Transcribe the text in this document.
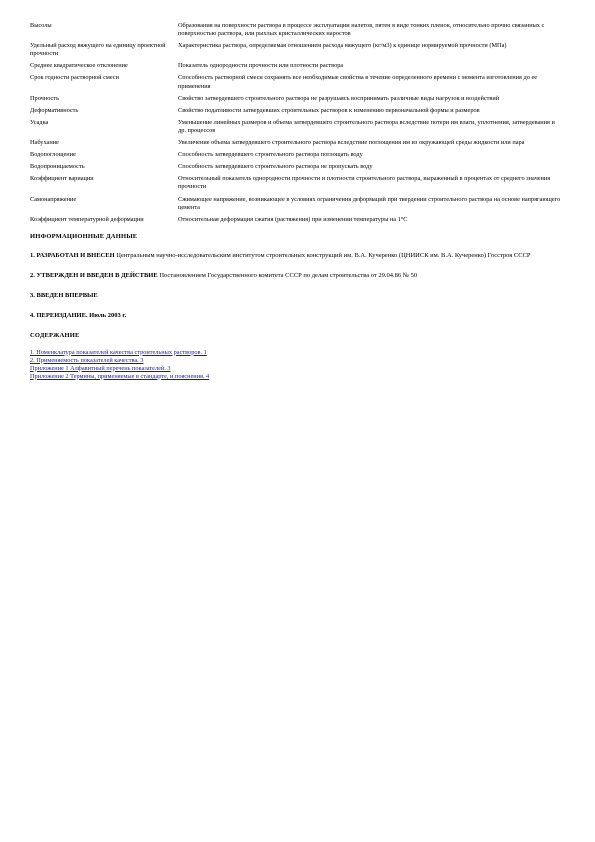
Высолы	Образования на поверхности раствора в процессе эксплуатации налетов, пятен в виде тонких пленок, относительно прочно связанных с поверхностью раствора, или рыхлых кристаллических наростов
Удельный расход вяжущего на единицу проектной прочности	Характеристика раствора, определяемая отношением расхода вяжущего (кг/м3) к единице нормируемой прочности (МПа)
Среднее квадратическое отклонение	Показатель однородности прочности или плотности раствора
Срок годности растворной смеси	Способность растворной смеси сохранять все необходимые свойства в течение определенного времени с момента изготовления до ее применения
Прочность	Свойство затвердевшего строительного раствора не разрушаясь воспринимать различные виды нагрузок и воздействий
Деформативность	Свойство податливости затвердевших строительных растворов к изменению первоначальной формы и размеров
Усадка	Уменьшение линейных размеров и объема затвердевшего строительного раствора вследствие потери им влаги, уплотнения, затвердевания и др. процессов
Набухание	Увеличение объема затвердевшего строительного раствора вследствие поглощения им из окружающей среды жидкости или пара
Водопоглощение	Способность затвердевшего строительного раствора поглощать воду
Водопроницаемость	Способность затвердевшего строительного раствора не пропускать воду
Коэффициент вариации	Относительный показатель однородности прочности и плотности строительного раствора, выраженный в процентах от среднего значения прочности
Самонапряжение	Сжимающее напряжение, возникающее в условиях ограничения деформаций при твердении строительного раствора на основе напрягающего цемента
Коэффициент температурной деформации	Относительная деформация сжатия (растяжения) при изменении температуры на 1°С
ИНФОРМАЦИОННЫЕ ДАННЫЕ
1. РАЗРАБОТАН И ВНЕСЕН Центральным научно-исследовательским институтом строительных конструкций им. В.А. Кучеренко (ЦНИИСК им. В.А. Кучеренко) Госстроя СССР
2. УТВЕРЖДЕН И ВВЕДЕН В ДЕЙСТВИЕ Постановлением Государственного комитета СССР по делам строительства от 29.04.86 № 50
3. ВВЕДЕН ВПЕРВЫЕ
4. ПЕРЕИЗДАНИЕ. Июль 2003 г.
СОДЕРЖАНИЕ
1. Номенклатура показателей качества строительных растворов. 1
2. Применяемость показателей качества. 3
Приложение 1 Алфавитный перечень показателей. 3
Приложение 2 Термины, применяемые в стандарте, и пояснения. 4
